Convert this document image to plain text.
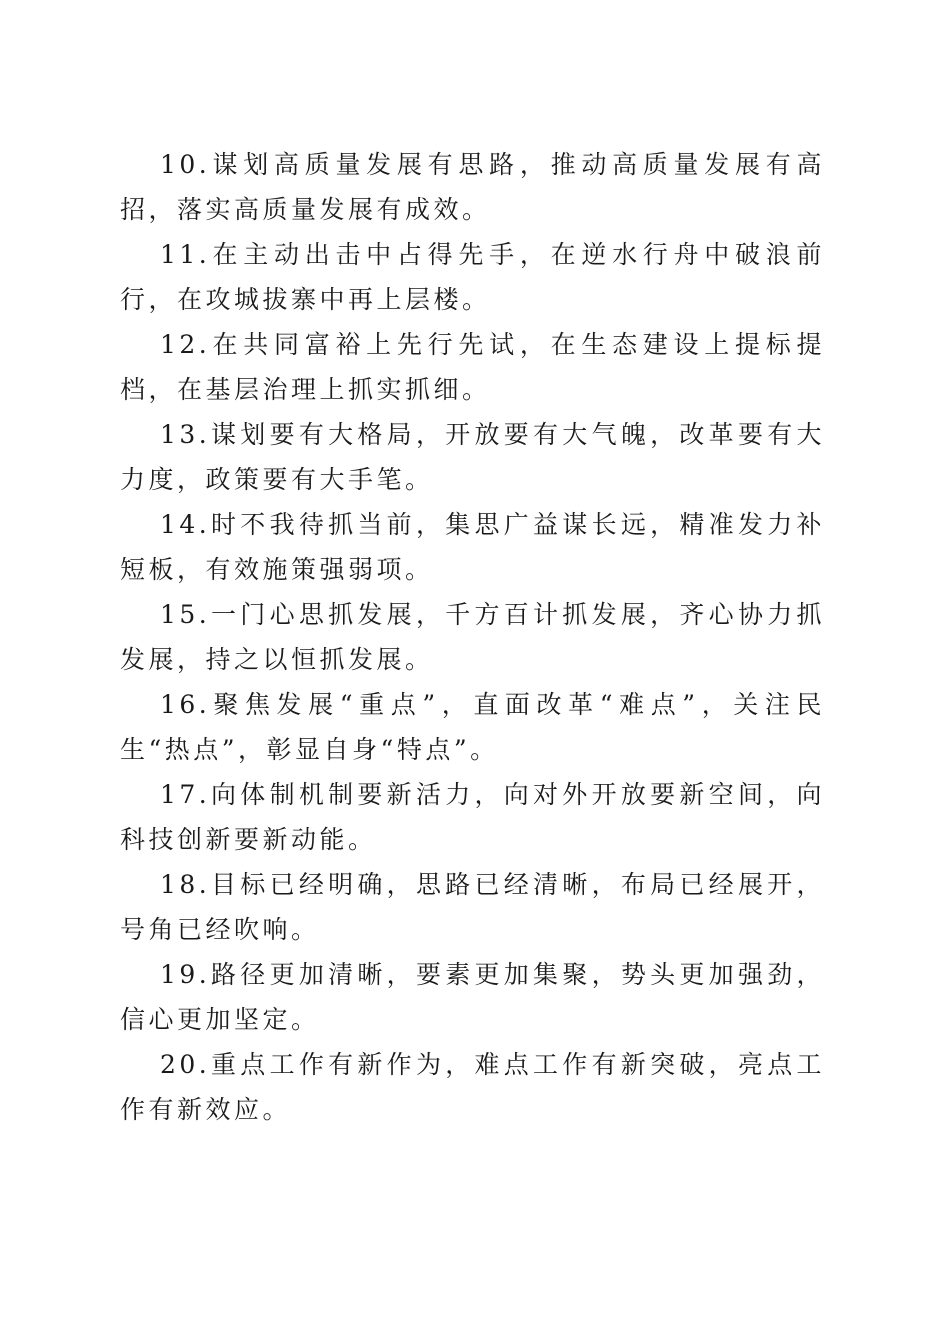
10.谋划高质量发展有思路，推动高质量发展有高招，落实高质量发展有成效。

11.在主动出击中占得先手，在逆水行舟中破浪前行，在攻城拔寨中再上层楼。

12.在共同富裕上先行先试，在生态建设上提标提档，在基层治理上抓实抓细。

13.谋划要有大格局，开放要有大气魄，改革要有大力度，政策要有大手笔。

14.时不我待抓当前，集思广益谋长远，精准发力补短板，有效施策强弱项。

15.一门心思抓发展，千方百计抓发展，齐心协力抓发展，持之以恒抓发展。

16.聚焦发展“重点”，直面改革“难点”，关注民生“热点”，彰显自身“特点”。

17.向体制机制要新活力，向对外开放要新空间，向科技创新要新动能。

18.目标已经明确，思路已经清晰，布局已经展开，号角已经吹响。

19.路径更加清晰，要素更加集聚，势头更加强劲，信心更加坚定。

20.重点工作有新作为，难点工作有新突破，亮点工作有新效应。
